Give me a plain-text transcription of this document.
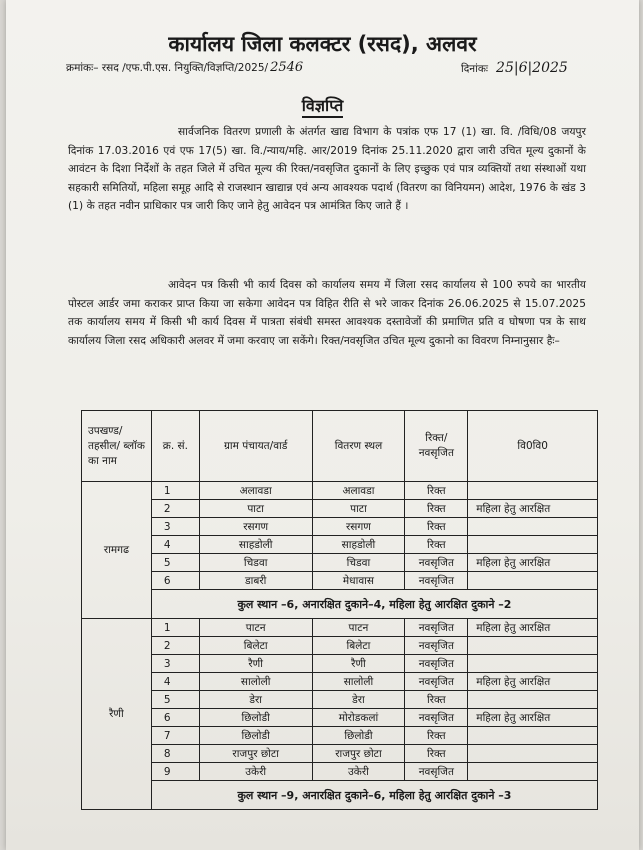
कार्यालय जिला कलक्टर (रसद), अलवर
क्रमांकः– रसद /एफ.पी.एस. नियुक्ति/विज्ञप्ति/2025/ 2546	दिनांकः 25|6|2025
विज्ञप्ति

सार्वजनिक वितरण प्रणाली के अंतर्गत खाद्य विभाग के पत्रांक एफ 17 (1) खा. वि. /विधि/08 जयपुर दिनांक 17.03.2016 एवं एफ 17(5) खा. वि./न्याय/महि. आर/2019 दिनांक 25.11.2020 द्वारा जारी उचित मूल्य दुकानों के आवंटन के दिशा निर्देशों के तहत जिले में उचित मूल्य की रिक्त/नवसृजित दुकानों के लिए इच्छुक एवं पात्र व्यक्तियों तथा संस्थाओं यथा सहकारी समितियों, महिला समूह आदि से राजस्थान खाद्यान्न एवं अन्य आवश्यक पदार्थ (वितरण का विनियमन) आदेश, 1976 के खंड 3 (1) के तहत नवीन प्राधिकार पत्र जारी किए जाने हेतु आवेदन पत्र आमंत्रित किए जाते हैं ।

आवेदन पत्र किसी भी कार्य दिवस को कार्यालय समय में जिला रसद कार्यालय से 100 रुपये का भारतीय पोस्टल आर्डर जमा कराकर प्राप्त किया जा सकेगा आवेदन पत्र विहित रीति से भरे जाकर दिनांक 26.06.2025 से 15.07.2025 तक कार्यालय समय में किसी भी कार्य दिवस में पात्रता संबंधी समस्त आवश्यक दस्तावेजों की प्रमाणित प्रति व घोषणा पत्र के साथ कार्यालय जिला रसद अधिकारी अलवर में जमा करवाए जा सकेंगे। रिक्त/नवसृजित उचित मूल्य दुकानो का विवरण निम्नानुसार हैः–

उपखण्ड/ तहसील/ ब्लॉक का नाम	क्र. सं.	ग्राम पंचायत/वार्ड	वितरण स्थल	रिक्त/ नवसृजित	वि0वि0
रामगढ	1	अलावडा	अलावडा	रिक्त	
	2	पाटा	पाटा	रिक्त	महिला हेतु आरक्षित
	3	रसगण	रसगण	रिक्त	
	4	साहडोली	साहडोली	रिक्त	
	5	चिडवा	चिडवा	नवसृजित	महिला हेतु आरक्षित
	6	डाबरी	मेधावास	नवसृजित	
	कुल स्थान –6, अनारक्षित दुकाने–4, महिला हेतु आरक्षित दुकाने –2				
रैणी	1	पाटन	पाटन	नवसृजित	महिला हेतु आरक्षित
	2	बिलेटा	बिलेटा	नवसृजित	
	3	रैणी	रैणी	नवसृजित	
	4	सालोली	सालोली	नवसृजित	महिला हेतु आरक्षित
	5	डेरा	डेरा	रिक्त	
	6	छिलोडी	मोरोडकलां	नवसृजित	महिला हेतु आरक्षित
	7	छिलोडी	छिलोडी	रिक्त	
	8	राजपुर छोटा	राजपुर छोटा	रिक्त	
	9	उकेरी	उकेरी	नवसृजित	
	कुल स्थान –9, अनारक्षित दुकाने–6, महिला हेतु आरक्षित दुकाने –3				
